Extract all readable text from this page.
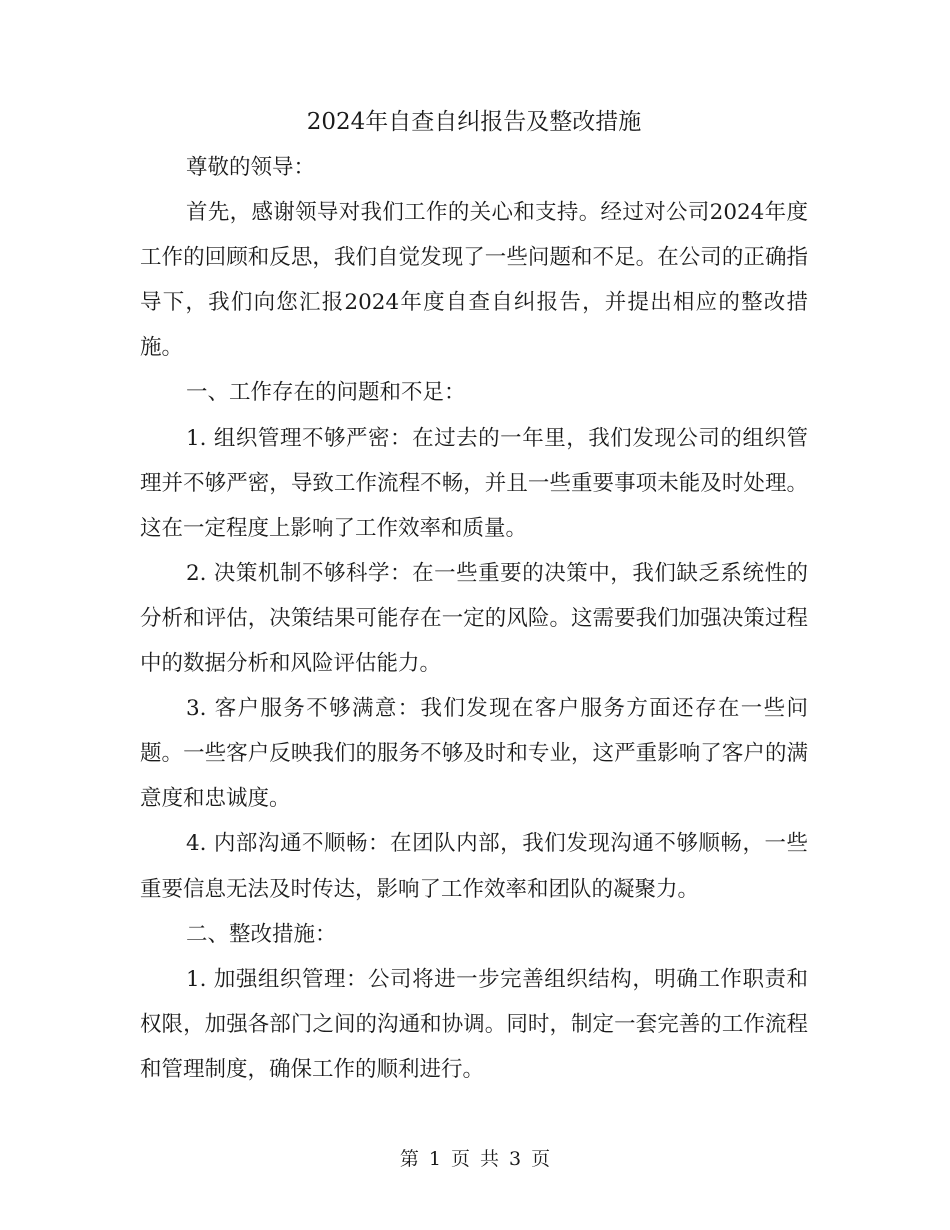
2024年自查自纠报告及整改措施

尊敬的领导：

首先，感谢领导对我们工作的关心和支持。经过对公司2024年度工作的回顾和反思，我们自觉发现了一些问题和不足。在公司的正确指导下，我们向您汇报2024年度自查自纠报告，并提出相应的整改措施。

一、工作存在的问题和不足：

1. 组织管理不够严密：在过去的一年里，我们发现公司的组织管理并不够严密，导致工作流程不畅，并且一些重要事项未能及时处理。这在一定程度上影响了工作效率和质量。

2. 决策机制不够科学：在一些重要的决策中，我们缺乏系统性的分析和评估，决策结果可能存在一定的风险。这需要我们加强决策过程中的数据分析和风险评估能力。

3. 客户服务不够满意：我们发现在客户服务方面还存在一些问题。一些客户反映我们的服务不够及时和专业，这严重影响了客户的满意度和忠诚度。

4. 内部沟通不顺畅：在团队内部，我们发现沟通不够顺畅，一些重要信息无法及时传达，影响了工作效率和团队的凝聚力。

二、整改措施：

1. 加强组织管理：公司将进一步完善组织结构，明确工作职责和权限，加强各部门之间的沟通和协调。同时，制定一套完善的工作流程和管理制度，确保工作的顺利进行。

第 1 页 共 3 页
